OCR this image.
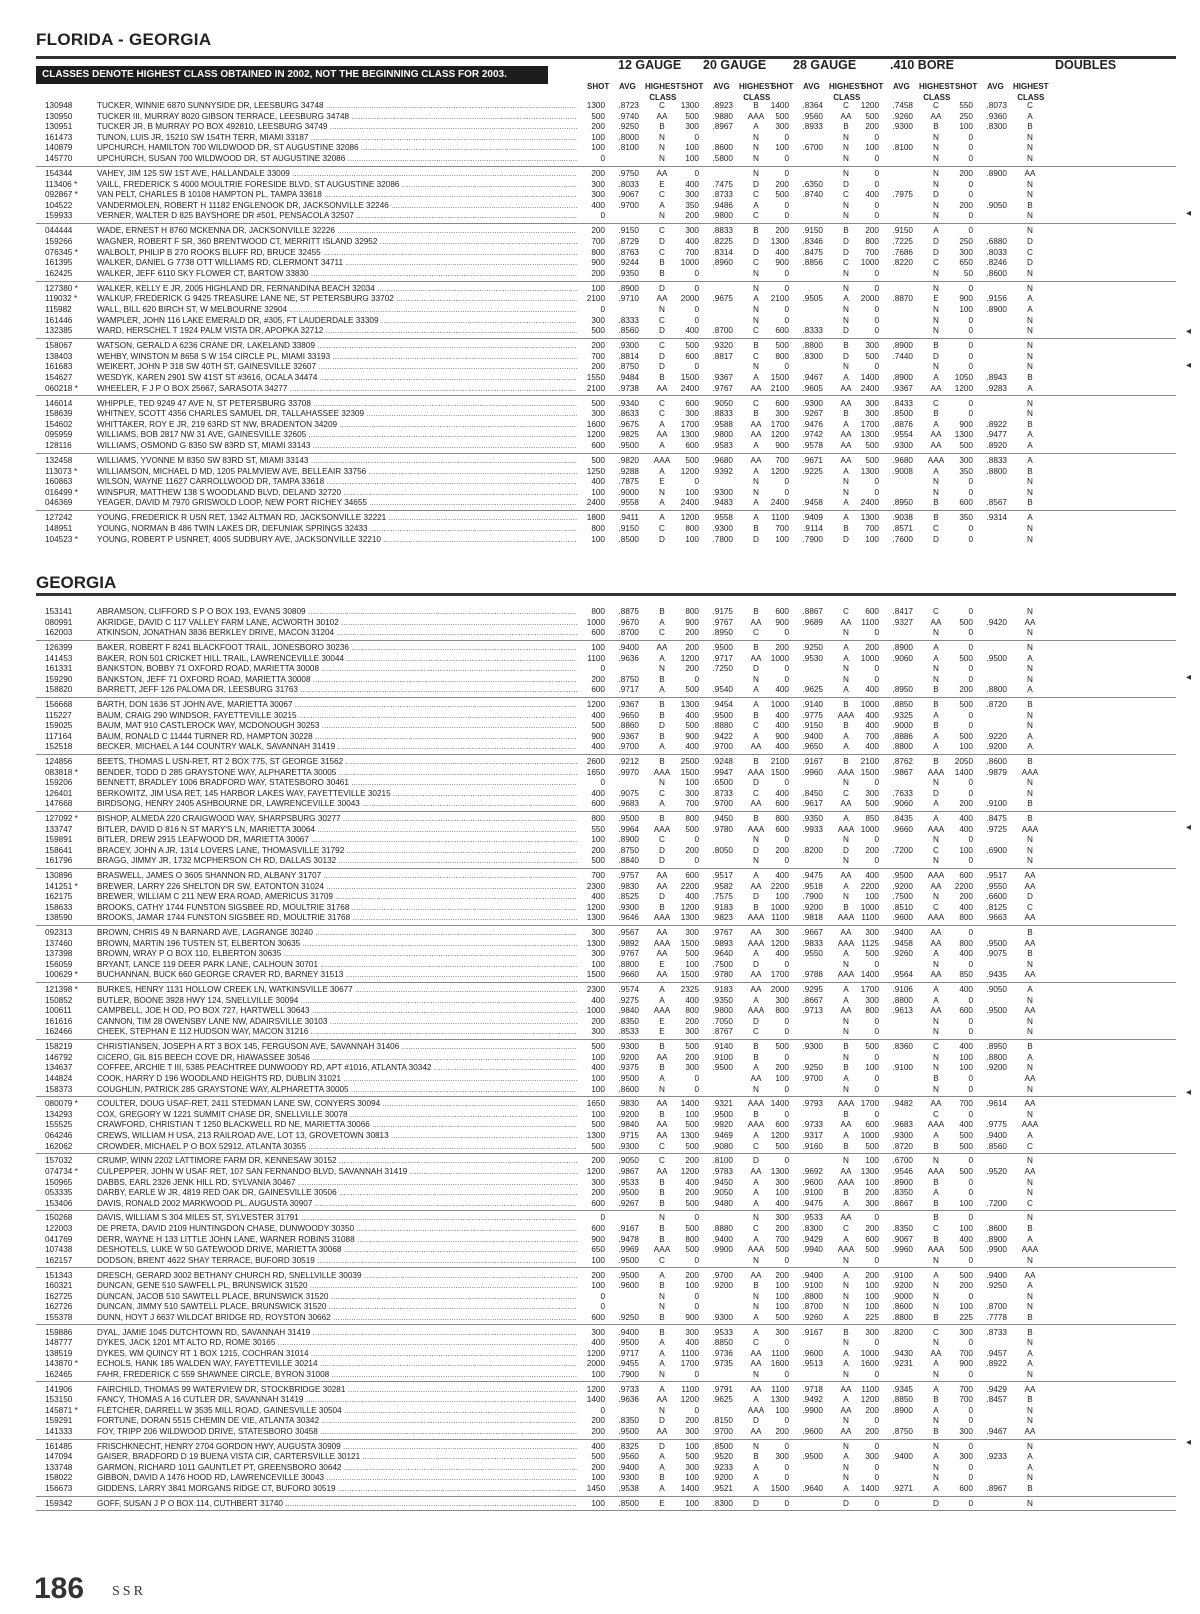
FLORIDA - GEORGIA
CLASSES DENOTE HIGHEST CLASS OBTAINED IN 2002, NOT THE BEGINNING CLASS FOR 2003.
12 GAUGE 20 GAUGE 28 GAUGE	.410 BORE	DOUBLES
SHOT AVG HIGHEST
CLASS
SHOT AVG HIGHEST
CLASS
SHOT AVG HIGHEST
CLASS
SHOT AVG HIGHEST
CLASS
SHOT AVG HIGHEST
CLASS
130948	TUCKER, WINNIE 6870 SUNNYSIDE DR, LEESBURG 34748 .....	1300	.8723	C	1300	.8923	B	1400	.8364	C	1200	.7458	C	550	.8073	C
130950	TUCKER III, MURRAY 8020 GIBSON TERRACE, LEESBURG 34748 .....	500	.9740	AA	500	.9880 AAA	500	.9560	AA	500	.9260	AA	250	.9360	A
130951	TUCKER JR, B MURRAY PO BOX 492810, LEESBURG 34749 .....	200	.9250	B	300	.8967	A	300	.8933	B	200	.9300	B	100	.8300	B
161473	TUNON, LUIS JR, 15210 SW 154TH TERR, MIAMI 33187 .....	100	.8000	N	0	N	0	N	0	N	0	N
140879	UPCHURCH, HAMILTON 700 WILDWOOD DR, ST AUGUSTINE 32086 .....	100	.8100	N	100	.8600	N	100	.6700	N	100	.8100	N	0	N
145770	UPCHURCH, SUSAN 700 WILDWOOD DR, ST AUGUSTINE 32086 .....	0	N	100	.5800	N	0	N	0	N	0	N
154344	VAHEY, JIM 125 SW 1ST AVE, HALLANDALE 33009 .....	200	.9750	AA	0	N	0	N	0	N	200	.8900	AA
113406 *	VAILL, FREDERICK S 4000 MOULTRIE FORESIDE BLVD, ST AUGUSTINE 32086 .....	300	.8033	E	400	.7475	D	200	.6350	D	0	N	0	N
092867 *	VAN PELT, CHARLES B 10108 HAMPTON PL, TAMPA 33618 .....	300	.9067	C	300	.8733	C	500	.8740	C	400	.7975	D	0	N
104522	VANDERMOLEN, ROBERT H 11182 ENGLENOOK DR, JACKSONVILLE 32246 .....	400	.9700	A	350	.9486	A	0	N	0	N	200	.9050	B
159933	VERNER, WALTER D 825 BAYSHORE DR #501, PENSACOLA 32507 .....	0	N	200	.9800	C	0	N	0	N	0	N
044444	WADE, ERNEST H 8760 MCKENNA DR, JACKSONVILLE 32226 .....	200	.9150	C	300	.8833	B	200	.9150	B	200	.9150	A	0	N
159266	WAGNER, ROBERT F SR, 360 BRENTWOOD CT, MERRITT ISLAND 32952 .....	700	.8729	D	400	.8225	D	1300	.8346	D	800	.7225	D	250	.6880	D
076345 *	WALBOLT, PHILIP B 270 ROOKS BLUFF RD, BRUCE 32455 .....	800	.8763	C	700	.8314	D	400	.8475	D	700	.7686	D	300	.8033	C
161395	WALKER, DANIEL G 7738 OTT WILLIAMS RD, CLERMONT 34711 .....	900	.9244	B	1000	.8960	C	900	.8856	C	1000	.8220	C	650	.8246	D
162425	WALKER, JEFF 6110 SKY FLOWER CT, BARTOW 33830 .....	200	.9350	B	0	N	0	N	0	N	50	.8600	N
127380 *	WALKER, KELLY E JR, 2005 HIGHLAND DR, FERNANDINA BEACH 32034 .....	100	.8900	D	0	N	0	N	0	N	0	N
119032 *	WALKUP, FREDERICK G 9425 TREASURE LANE NE, ST PETERSBURG 33702 .....	2100	.9710	AA	2000	.9675	A	2100	.9505	A	2000	.8870	E	900	.9156	A
115982	WALL, BILL 620 BIRCH ST, W MELBOURNE 32904 .....	0	N	0	N	0	N	0	N	100	.8900	A
161446	WAMPLER, JOHN 116 LAKE EMERALD DR, #305, FT LAUDERDALE 33309 .....	300	.8333	C	0	N	0	N	0	N	0	N
132385	WARD, HERSCHEL T 1924 PALM VISTA DR, APOPKA 32712 .....	500	.8560	D	400	.8700	C	600	.8333	D	0	N	0	N
158067	WATSON, GERALD A 6236 CRANE DR, LAKELAND 33809 .....	200	.9300	C	500	.9320	B	500	.8800	B	300	.8900	B	0	N
138403	WEHBY, WINSTON M 8658 S W 154 CIRCLE PL, MIAMI 33193 .....	700	.8814	D	600	.8817	C	800	.8300	D	500	.7440	D	0	N
161683	WEIKERT, JOHN P 318 SW 40TH ST, GAINESVILLE 32607 .....	200	.8750	D	0	N	0	N	0	N	0	N
154627	WESDYK, KAREN 2901 SW 41ST ST #3616, OCALA 34474 .....	1550	.9484	B	1500	.9367	A	1500	.9467	A	1400	.8900	A	1050	.8943	B
060218 *	WHEELER, F J P O BOX 25667, SARASOTA 34277 .....	2100	.9738	AA	2400	.9767	AA	2100	.9605	AA	2400	.9367	AA	1200	.9283	A
146014	WHIPPLE, TED 9249 47 AVE N, ST PETERSBURG 33708 .....	500	.9340	C	600	.9050	C	600	.9300	AA	300	.8433	C	0	N
158639	WHITNEY, SCOTT 4356 CHARLES SAMUEL DR, TALLAHASSEE 32309 .....	300	.8633	C	300	.8833	B	300	.9267	B	300	.8500	B	0	N
154602	WHITTAKER, ROY E JR, 219 63RD ST NW, BRADENTON 34209 .....	1600	.9675	A	1700	.9588	AA	1700	.9476	A	1700	.8876	A	900	.8922	B
095959	WILLIAMS, BOB 2817 NW 31 AVE, GAINESVILLE 32605 .....	1200	.9825	AA	1300	.9800	AA	1200	.9742	AA	1300	.9554	AA	1300	.9477	A
128116	WILLIAMS, OSMOND G 8350 SW 83RD ST, MIAMI 33143 .....	600	.9500	A	600	.9583	A	900	.9578	AA	500	.9300	AA	500	.8920	A
132458	WILLIAMS, YVONNE M 8350 SW 83RD ST, MIAMI 33143 .....	500	.9820 AAA	500	.9680	AA	700	.9671	AA	500	.9680 AAA	300	.8833	A
113073 *	WILLIAMSON, MICHAEL D MD, 1205 PALMVIEW AVE, BELLEAIR 33756 .....	1250	.9288	A	1200	.9392	A	1200	.9225	A	1300	.9008	A	350	.8800	B
160863	WILSON, WAYNE 11627 CARROLLWOOD DR, TAMPA 33618 .....	400	.7875	E	0	N	0	N	0	N	0	N
016499 *	WINSPUR, MATTHEW 138 S WOODLAND BLVD, DELAND 32720 .....	100	.9000	N	100	.9300	N	0	N	0	N	0	N
046369	YEAGER, DAVID M 7970 GRISWOLD LOOP, NEW PORT RICHEY 34655 .....	2400	.9558	A	2400	.9483	A	2400	.9458	A	2400	.8950	B	600	.8567	B
127242	YOUNG, FREDERICK R USN RET, 1342 ALTMAN RD, JACKSONVILLE 32221 .....	1800	.9411	A	1200	.9558	A	1100	.9409	A	1300	.9038	B	350	.9314	A
148951	YOUNG, NORMAN B 486 TWIN LAKES DR, DEFUNIAK SPRINGS 32433 .....	800	.9150	C	800	.9300	B	700	.9114	B	700	.8571	C	0	N
104523 *	YOUNG, ROBERT P USNRET, 4005 SUDBURY AVE, JACKSONVILLE 32210 .....	100	.8500	D	100	.7800	D	100	.7900	D	100	.7600	D	0	N
GEORGIA
153141	ABRAMSON, CLIFFORD S P O BOX 193, EVANS 30809 .....	800	.8875	B	800	.9175	B	600	.8867	C	600	.8417	C	0	N
080991	AKRIDGE, DAVID C 117 VALLEY FARM LANE, ACWORTH 30102 .....	1000	.9670	A	900	.9767	AA	900	.9689	AA	1100	.9327	AA	500	.9420	AA
162003	ATKINSON, JONATHAN 3836 BERKLEY DRIVE, MACON 31204 .....	600	.8700	C	200	.8950	C	0	N	0	N	0	N
126399	BAKER, ROBERT F 8241 BLACKFOOT TRAIL, JONESBORO 30236 .....	100	.9400	AA	200	.9500	B	200	.9250	A	200	.8900	A	0	N
141453	BAKER, RON 501 CRICKET HILL TRAIL, LAWRENCEVILLE 30044 .....	1100	.9636	A	1200	.9717	AA	1000	.9530	A	1000	.9060	A	500	.9500	A
161331	BANKSTON, BOBBY 71 OXFORD ROAD, MARIETTA 30008 .....	0	N	200	.7250	D	0	N	0	N	0	N
159290	BANKSTON, JEFF 71 OXFORD ROAD, MARIETTA 30008 .....	200	.8750	B	0	N	0	N	0	N	0	N
158820	BARRETT, JEFF 126 PALOMA DR, LEESBURG 31763 .....	600	.9717	A	500	.9540	A	400	.9625	A	400	.8950	B	200	.8800	A
156668	BARTH, DON 1636 ST JOHN AVE, MARIETTA 30067 .....	1200	.9367	B	1300	.9454	A	1000	.9140	B	1000	.8850	B	500	.8720	B
115227	BAUM, CRAIG 290 WINDSOR, FAYETTEVILLE 30215 .....	400	.9650	B	400	.9500	B	400	.9775 AAA	400	.9325	A	0	N
159025	BAUM, MAT 910 CASTLEROCK WAY, MCDONOUGH 30253 .....	500	.8860	D	500	.8880	C	400	.9150	B	400	.9000	B	0	N
117164	BAUM, RONALD C 11444 TURNER RD, HAMPTON 30228 .....	900	.9367	B	900	.9422	A	900	.9400	A	700	.8886	A	500	.9220	A
152518	BECKER, MICHAEL A 144 COUNTRY WALK, SAVANNAH 31419 .....	400	.9700	A	400	.9700	AA	400	.9650	A	400	.8800	A	100	.9200	A
124856	BEETS, THOMAS L USN-RET, RT 2 BOX 775, ST GEORGE 31562 .....	2600	.9212	B	2500	.9248	B	2100	.9167	B	2100	.8762	B	2050	.8600	B
083818 *	BENDER, TODD D 285 GRAYSTONE WAY, ALPHARETTA 30005 .....	1650	.9970 AAA	1500	.9947 AAA 1500	.9960 AAA 1500	.9867 AAA	1400	.9879 AAA
159206	BENNETT, BRADLEY 1006 BRADFORD WAY, STATESBORO 30461 .....	0	N	100	.6500	D	0	N	0	N	0	N
126401	BERKOWITZ, JIM USA RET, 145 HARBOR LAKES WAY, FAYETTEVILLE 30215 .....	400	.9075	C	300	.8733	C	400	.8450	C	300	.7633	D	0	N
147668	BIRDSONG, HENRY 2405 ASHBOURNE DR, LAWRENCEVILLE 30043 .....	600	.9683	A	700	.9700	AA	600	.9617	AA	500	.9060	A	200	.9100	B
127092 *	BISHOP, ALMEDA 220 CRAIGWOOD WAY, SHARPSBURG 30277 .....	800	.9500	B	800	.9450	B	800	.9350	A	850	.8435	A	400	.8475	B
133747	BITLER, DAVID D 816 N ST MARY'S LN, MARIETTA 30064 .....	550	.9964 AAA	500	.9780 AAA	600	.9933 AAA 1000	.9660 AAA	400	.9725 AAA
159891	BITLER, DREW 2915 LEAFWOOD DR, MARIETTA 30067 .....	100	.8900	C	0	N	0	N	0	N	0	N
158641	BRACEY, JOHN A JR, 1314 LOVERS LANE, THOMASVILLE 31792 .....	200	.8750	D	200	.8050	D	200	.8200	D	200	.7200	C	100	.6900	N
161796	BRAGG, JIMMY JR, 1732 MCPHERSON CH RD, DALLAS 30132 .....	500	.8840	D	0	N	0	N	0	N	0	N
130896	BRASWELL, JAMES O 3605 SHANNON RD, ALBANY 31707 .....	700	.9757	AA	600	.9517	A	400	.9475	AA	400	.9500 AAA	600	.9517	AA
141251 *	BREWER, LARRY 226 SHELTON DR SW, EATONTON 31024 .....	2300	.9830	AA	2200	.9582	AA	2200	.9518	A	2200	.9200	AA	2200	.9550	AA
162175	BREWER, WILLIAM C 211 NEW ERA ROAD, AMERICUS 31709 .....	400	.8525	D	400	.7575	D	100	.7900	N	100	.7500	N	200	.6600	D
158633	BROOKS, CATHY 1744 FUNSTON SIGSBEE RD, MOULTRIE 31768 .....	1200	.9300	B	1200	.9183	B	1000	.9200	B	1000	.8510	C	400	.8125	C
138590	BROOKS, JAMAR 1744 FUNSTON SIGSBEE RD, MOULTRIE 31768 .....	1300	.9646 AAA	1300	.9823 AAA 1100	.9818 AAA 1100	.9600 AAA	800	.9663	AA
092313	BROWN, CHRIS 49 N BARNARD AVE, LAGRANGE 30240 .....	300	.9567	AA	300	.9767	AA	300	.9667	AA	300	.9400	AA	0	B
137460	BROWN, MARTIN 196 TUSTEN ST, ELBERTON 30635 .....	1300	.9892 AAA	1500	.9893 AAA 1200	.9833 AAA 1125	.9458	AA	800	.9500	AA
137398	BROWN, WRAY P O BOX 110, ELBERTON 30635 .....	300	.9767	AA	500	.9640	A	400	.9550	A	500	.9260	A	400	.9075	B
156059	BRYANT, LANCE 119 DEER PARK LANE, CALHOUN 30701 .....	100	.8800	E	100	.7500	D	0	N	0	N	0	N
100629 *	BUCHANNAN, BUCK 660 GEORGE CRAVER RD, BARNEY 31513 .....	1500	.9660	AA	1500	.9780	AA	1700	.9788 AAA 1400	.9564	AA	850	.9435	AA
121398 *	BURKES, HENRY 1131 HOLLOW CREEK LN, WATKINSVILLE 30677 .....	2300	.9574	A	2325	.9183	AA	2000	.9295	A	1700	.9106	A	400	.9050	A
150852	BUTLER, BOONE 3928 HWY 124, SNELLVILLE 30094 .....	400	.9275	A	400	.9350	A	300	.8667	A	300	.8800	A	0	N
100611	CAMPBELL, JOE H OD, PO BOX 727, HARTWELL 30643 .....	1000	.9840 AAA	800	.9800 AAA	800	.9713	AA	800	.9613	AA	600	.9500	AA
161616	CANNON, TIM 28 OWENSBY LANE NW, ADAIRSVILLE 30103 .....	200	.8350	E	200	.7050	D	0	N	0	N	0	N
162466	CHEEK, STEPHAN E 112 HUDSON WAY, MACON 31216 .....	300	.8533	E	300	.8767	C	0	N	0	N	0	N
158219	CHRISTIANSEN, JOSEPH A RT 3 BOX 145, FERGUSON AVE, SAVANNAH 31406 .....	500	.9300	B	500	.9140	B	500	.9300	B	500	.8360	C	400	.8950	B
146792	CICERO, GIL 815 BEECH COVE DR, HIAWASSEE 30546 .....	100	.9200	AA	200	.9100	B	0	N	0	N	100	.8800	A
134637	COFFEE, ARCHIE T III, 5385 PEACHTREE DUNWOODY RD, APT #1016, ATLANTA 30342 .....	400	.9375	B	300	.9500	A	200	.9250	B	100	.9100	N	100	.9200	N
144824	COOK, HARRY D 196 WOODLAND HEIGHTS RD, DUBLIN 31021 .....	100	.9500	A	0	AA	100	.9700	A	0	B	0	AA
158373	COUGHLIN, PATRICK 285 GRAYSTONE WAY, ALPHARETTA 30005 .....	100	.8600	N	0	N	0	N	0	N	0	N
080079 *	COULTER, DOUG USAF-RET, 2411 STEDMAN LANE SW, CONYERS 30094 .....	1650	.9830	AA	1400	.9321 AAA 1400	.9793 AAA 1700	.9482	AA	700	.9614	AA
134293	COX, GREGORY W 1221 SUMMIT CHASE DR, SNELLVILLE 30078 .....	100	.9200	B	100	.9500	B	0	B	0	C	0	N
155525	CRAWFORD, CHRISTIAN T 1250 BLACKWELL RD NE, MARIETTA 30066 .....	500	.9840	AA	500	.9920 AAA	600	.9733	AA	600	.9683 AAA	400	.9775 AAA
064246	CREWS, WILLIAM H USA, 213 RAILROAD AVE, LOT 13, GROVETOWN 30813 .....	1300	.9715	AA	1300	.9469	A	1200	.9317	A	1000	.9300	A	500	.9400	A
162062	CROWDER, MICHAEL P O BOX 52912, ATLANTA 30355 .....	500	.9300	C	500	.9080	C	500	.9160	B	500	.8720	B	500	.8560	C
157032	CRUMP, WINN 2202 LATTIMORE FARM DR, KENNESAW 30152 .....	200	.9050	C	200	.8100	D	0	N	100	.6700	N	0	N
074734 *	CULPEPPER, JOHN W USAF RET, 107 SAN FERNANDO BLVD, SAVANNAH 31419 .....	1200	.9867	AA	1200	.9783	AA	1300	.9692	AA	1300	.9546 AAA	500	.9520	AA
150965	DABBS, EARL 2326 JENK HILL RD, SYLVANIA 30467 .....	300	.9533	B	400	.9450	A	300	.9600 AAA	100	.8900	B	0	N
053335	DARBY, EARLE W JR, 4819 RED OAK DR, GAINESVILLE 30506 .....	200	.9500	B	200	.9050	A	100	.9100	B	200	.8350	A	0	N
153406	DAVIS, RONALD 2002 MARKWOOD PL, AUGUSTA 30907 .....	600	.9267	B	500	.9480	A	400	.9475	A	300	.8667	B	100	.7200	C
150268	DAVIS, WILLIAM S 304 MILES ST, SYLVESTER 31791 .....	0	N	0	N	300	.9533	AA	0	B	0	N
122003	DE PRETA, DAVID 2109 HUNTINGDON CHASE, DUNWOODY 30350 .....	600	.9167	B	500	.8880	C	200	.8300	C	200	.8350	C	100	.8600	B
041769	DERR, WAYNE H 133 LITTLE JOHN LANE, WARNER ROBINS 31088 .....	900	.9478	B	800	.9400	A	700	.9429	A	600	.9067	B	400	.8900	A
107438	DESHOTELS, LUKE W 50 GATEWOOD DRIVE, MARIETTA 30068 .....	650	.9969 AAA	500	.9900 AAA	500	.9940 AAA	500	.9960 AAA	500	.9900 AAA
162157	DODSON, BRENT 4622 SHAY TERRACE, BUFORD 30519 .....	100	.9500	C	0	N	0	N	0	N	0	N
151343	DRESCH, GERARD 3002 BETHANY CHURCH RD, SNELLVILLE 30039 .....	200	.9500	A	200	.9700	AA	200	.9400	A	200	.9100	A	500	.9400	AA
160321	DUNCAN, GENE 510 SAWFELL PL, BRUNSWICK 31520 .....	100	.9600	B	100	.9200	B	100	.9100	N	100	.9200	N	200	.9250	A
162725	DUNCAN, JACOB 510 SAWTELL PLACE, BRUNSWICK 31520 .....	0	N	0	N	100	.8800	N	100	.9000	N	0	N
162726	DUNCAN, JIMMY 510 SAWTELL PLACE, BRUNSWICK 31520 .....	0	N	0	N	100	.8700	N	100	.8600	N	100	.8700	N
155378	DUNN, HOYT J 6637 WILDCAT BRIDGE RD, ROYSTON 30662 .....	600	.9250	B	900	.9300	A	500	.9260	A	225	.8800	B	225	.7778	B
159886	DYAL, JAMIE 1045 DUTCHTOWN RD, SAVANNAH 31419 .....	300	.9400	B	300	.9533	A	300	.9167	B	300	.8200	C	300	.8733	B
148777	DYKES, JACK 1201 MT ALTO RD, ROME 30165 .....	400	.9500	A	400	.8850	C	0	N	0	N	0	N
138519	DYKES, WM QUINCY RT 1 BOX 1215, COCHRAN 31014 .....	1200	.9717	A	1100	.9736	AA	1100	.9600	A	1000	.9430	AA	700	.9457	A
143870 *	ECHOLS, HANK 185 WALDEN WAY, FAYETTEVILLE 30214 .....	2000	.9455	A	1700	.9735	AA	1600	.9513	A	1600	.9231	A	900	.8922	A
162465	FAHR, FREDERICK C 559 SHAWNEE CIRCLE, BYRON 31008 .....	100	.7900	N	0	N	0	N	0	N	0	N
141906	FAIRCHILD, THOMAS 99 WATERVIEW DR, STOCKBRIDGE 30281 .....	1200	.9733	A	1100	.9791	AA	1100	.9718	AA	1100	.9345	A	700	.9429	AA
153150	FANCY, THOMAS A 16 CUTLER DR, SAVANNAH 31419 .....	1400	.9636	AA	1200	.9625	A	1300	.9492	A	1200	.8850	B	700	.8457	B
145871 *	FLETCHER, DARRELL W 3535 MILL ROAD, GAINESVILLE 30504 .....	0	N	0	AAA	100	.9900	AA	200	.8900	A	0	N
159291	FORTUNE, DORAN 5515 CHEMIN DE VIE, ATLANTA 30342 .....	200	.8350	D	200	.8150	D	0	N	0	N	0	N
141333	FOY, TRIPP 206 WILDWOOD DRIVE, STATESBORO 30458 .....	200	.9500	AA	300	.9700	AA	200	.9600	AA	200	.8750	B	300	.9467	AA
161485	FRISCHKNECHT, HENRY 2704 GORDON HWY, AUGUSTA 30909 .....	400	.8325	D	100	.8500	N	0	N	0	N	0	N
147094	GAISER, BRADFORD D 19 BUENA VISTA CIR, CARTERSVILLE 30121 .....	500	.9560	A	500	.9520	B	300	.9500	A	300	.9400	A	300	.9233	A
133748	GARMON, RICHARD 1011 GAUNTLET PT, GREENSBORO 30642 .....	200	.9400	A	300	.9233	A	0	N	0	N	0	A
158022	GIBBON, DAVID A 1476 HOOD RD, LAWRENCEVILLE 30043 .....	100	.9300	B	100	.9200	A	0	N	0	N	0	N
156673	GIDDENS, LARRY 3841 MORGANS RIDGE CT, BUFORD 30519 .....	1450	.9538	A	1400	.9521	A	1500	.9640	A	1400	.9271	A	600	.8967	B
159342	GOFF, SUSAN J P O BOX 114, CUTHBERT 31740 .....	100	.8500	E	100	.8300	D	0	D	0	D	0	N
186 SSR
◂
◂
◂
◂
◂
◂
◂
